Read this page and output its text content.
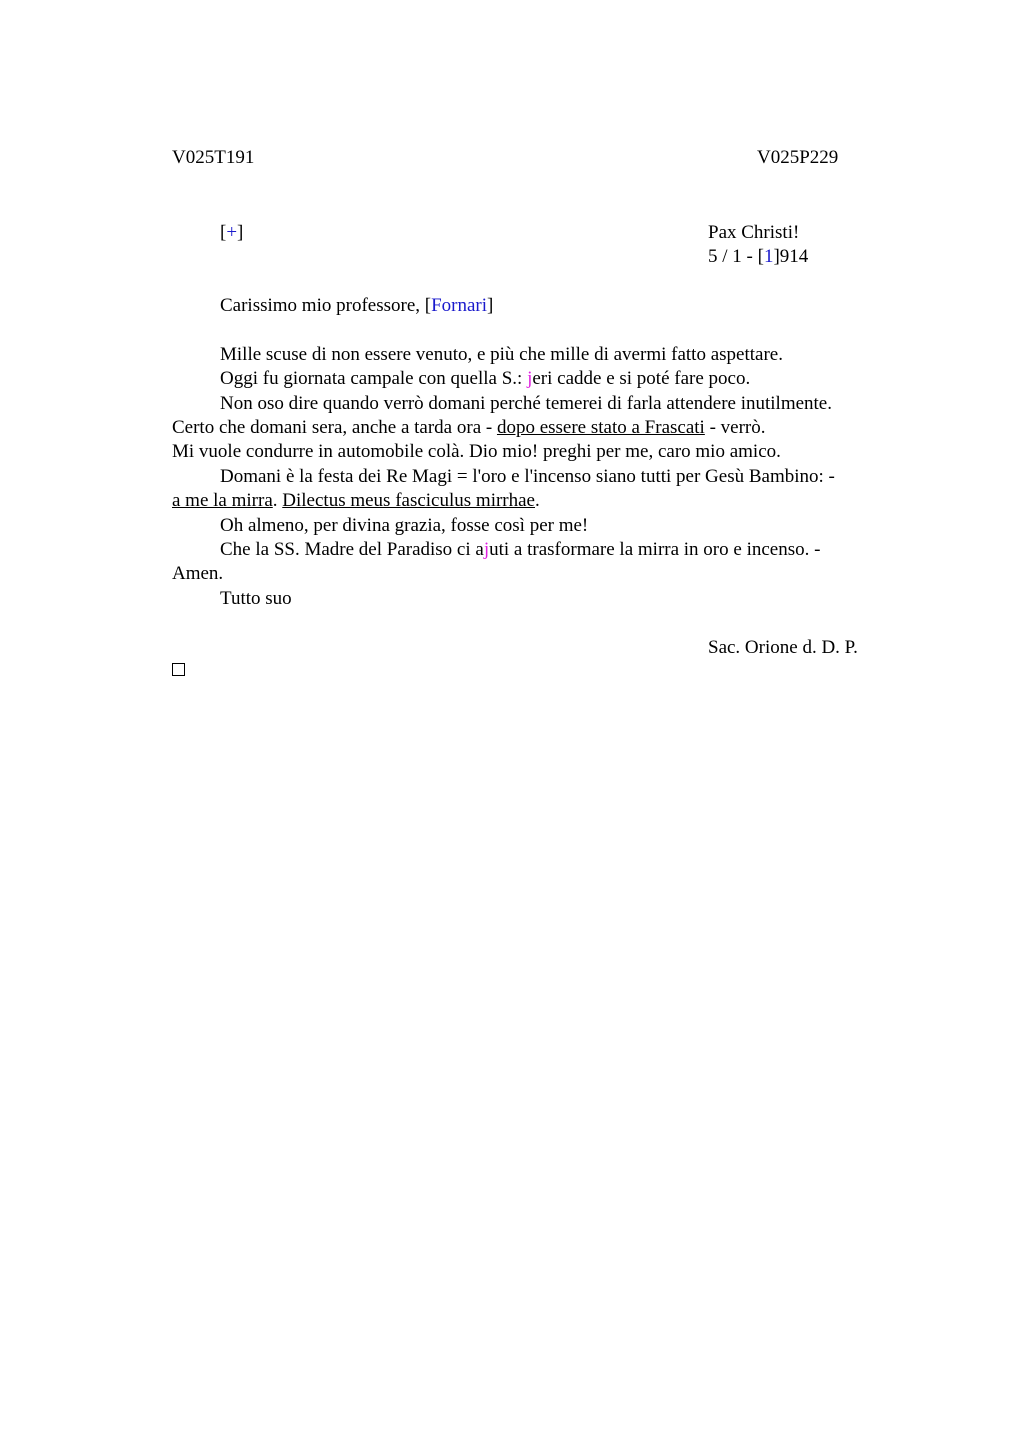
V025T191	V025P229
[+]	Pax Christi!
5 / 1 - [1]914
Carissimo mio professore, [Fornari]
Mille scuse di non essere venuto, e più che mille di avermi fatto aspettare.
Oggi fu giornata campale con quella S.: jeri cadde e si poté fare poco.
Non oso dire quando verrò domani perché temerei di farla attendere inutilmente.
Certo che domani sera, anche a tarda ora - dopo essere stato a Frascati - verrò.
Mi vuole condurre in automobile colà. Dio mio! preghi per me, caro mio amico.
Domani è la festa dei Re Magi = l'oro e l'incenso siano tutti per Gesù Bambino: -
a me la mirra. Dilectus meus fasciculus mirrhae.
Oh almeno, per divina grazia, fosse così per me!
Che la SS. Madre del Paradiso ci ajuti a trasformare la mirra in oro e incenso. -
Amen.
Tutto suo
Sac. Orione d. D. P.
